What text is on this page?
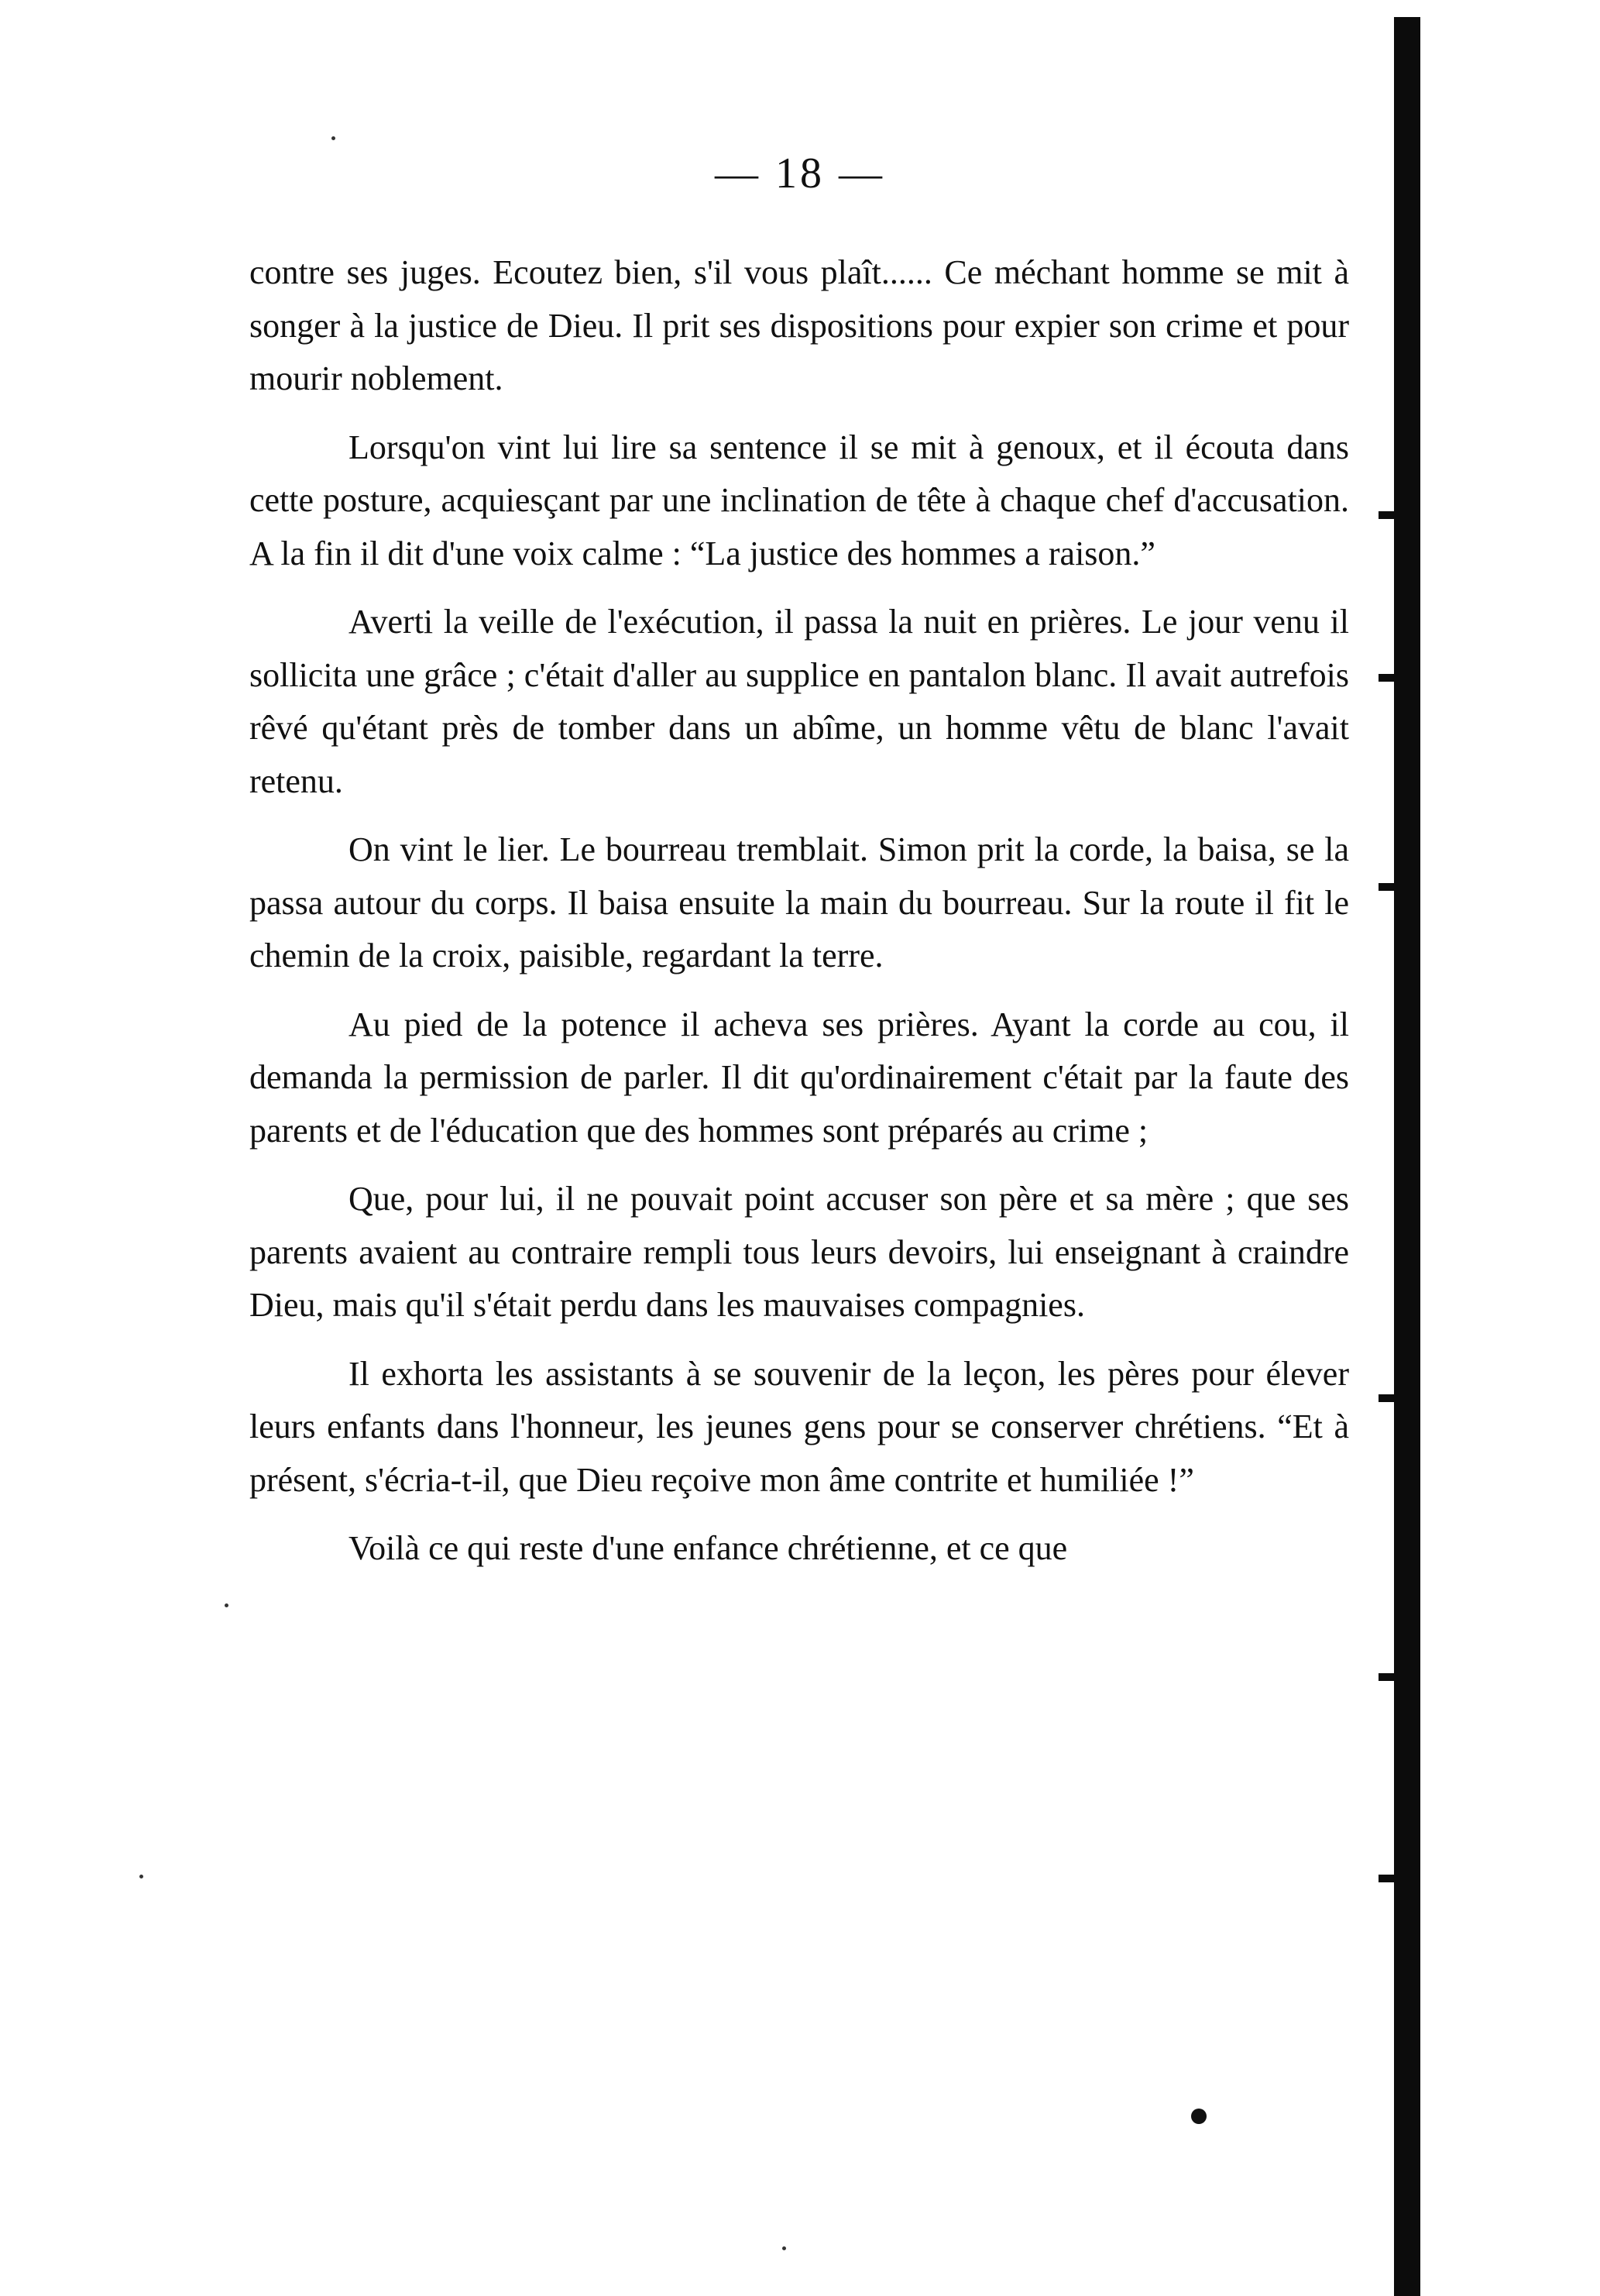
— 18 —

contre ses juges. Ecoutez bien, s'il vous plaît...... Ce méchant homme se mit à songer à la justice de Dieu. Il prit ses dispositions pour expier son crime et pour mourir noblement.

Lorsqu'on vint lui lire sa sentence il se mit à genoux, et il écouta dans cette posture, acquiesçant par une inclination de tête à chaque chef d'accusation. A la fin il dit d'une voix calme : “La justice des hommes a raison.”

Averti la veille de l'exécution, il passa la nuit en prières. Le jour venu il sollicita une grâce ; c'était d'aller au supplice en pantalon blanc. Il avait autrefois rêvé qu'étant près de tomber dans un abîme, un homme vêtu de blanc l'avait retenu.

On vint le lier. Le bourreau tremblait. Simon prit la corde, la baisa, se la passa autour du corps. Il baisa ensuite la main du bourreau. Sur la route il fit le chemin de la croix, paisible, regardant la terre.

Au pied de la potence il acheva ses prières. Ayant la corde au cou, il demanda la permission de parler. Il dit qu'ordinairement c'était par la faute des parents et de l'éducation que des hommes sont préparés au crime ;

Que, pour lui, il ne pouvait point accuser son père et sa mère ; que ses parents avaient au contraire rempli tous leurs devoirs, lui enseignant à craindre Dieu, mais qu'il s'était perdu dans les mauvaises compagnies.

Il exhorta les assistants à se souvenir de la leçon, les pères pour élever leurs enfants dans l'honneur, les jeunes gens pour se conserver chrétiens. “Et à présent, s'écria-t-il, que Dieu reçoive mon âme contrite et humiliée !”

Voilà ce qui reste d'une enfance chrétienne, et ce que
